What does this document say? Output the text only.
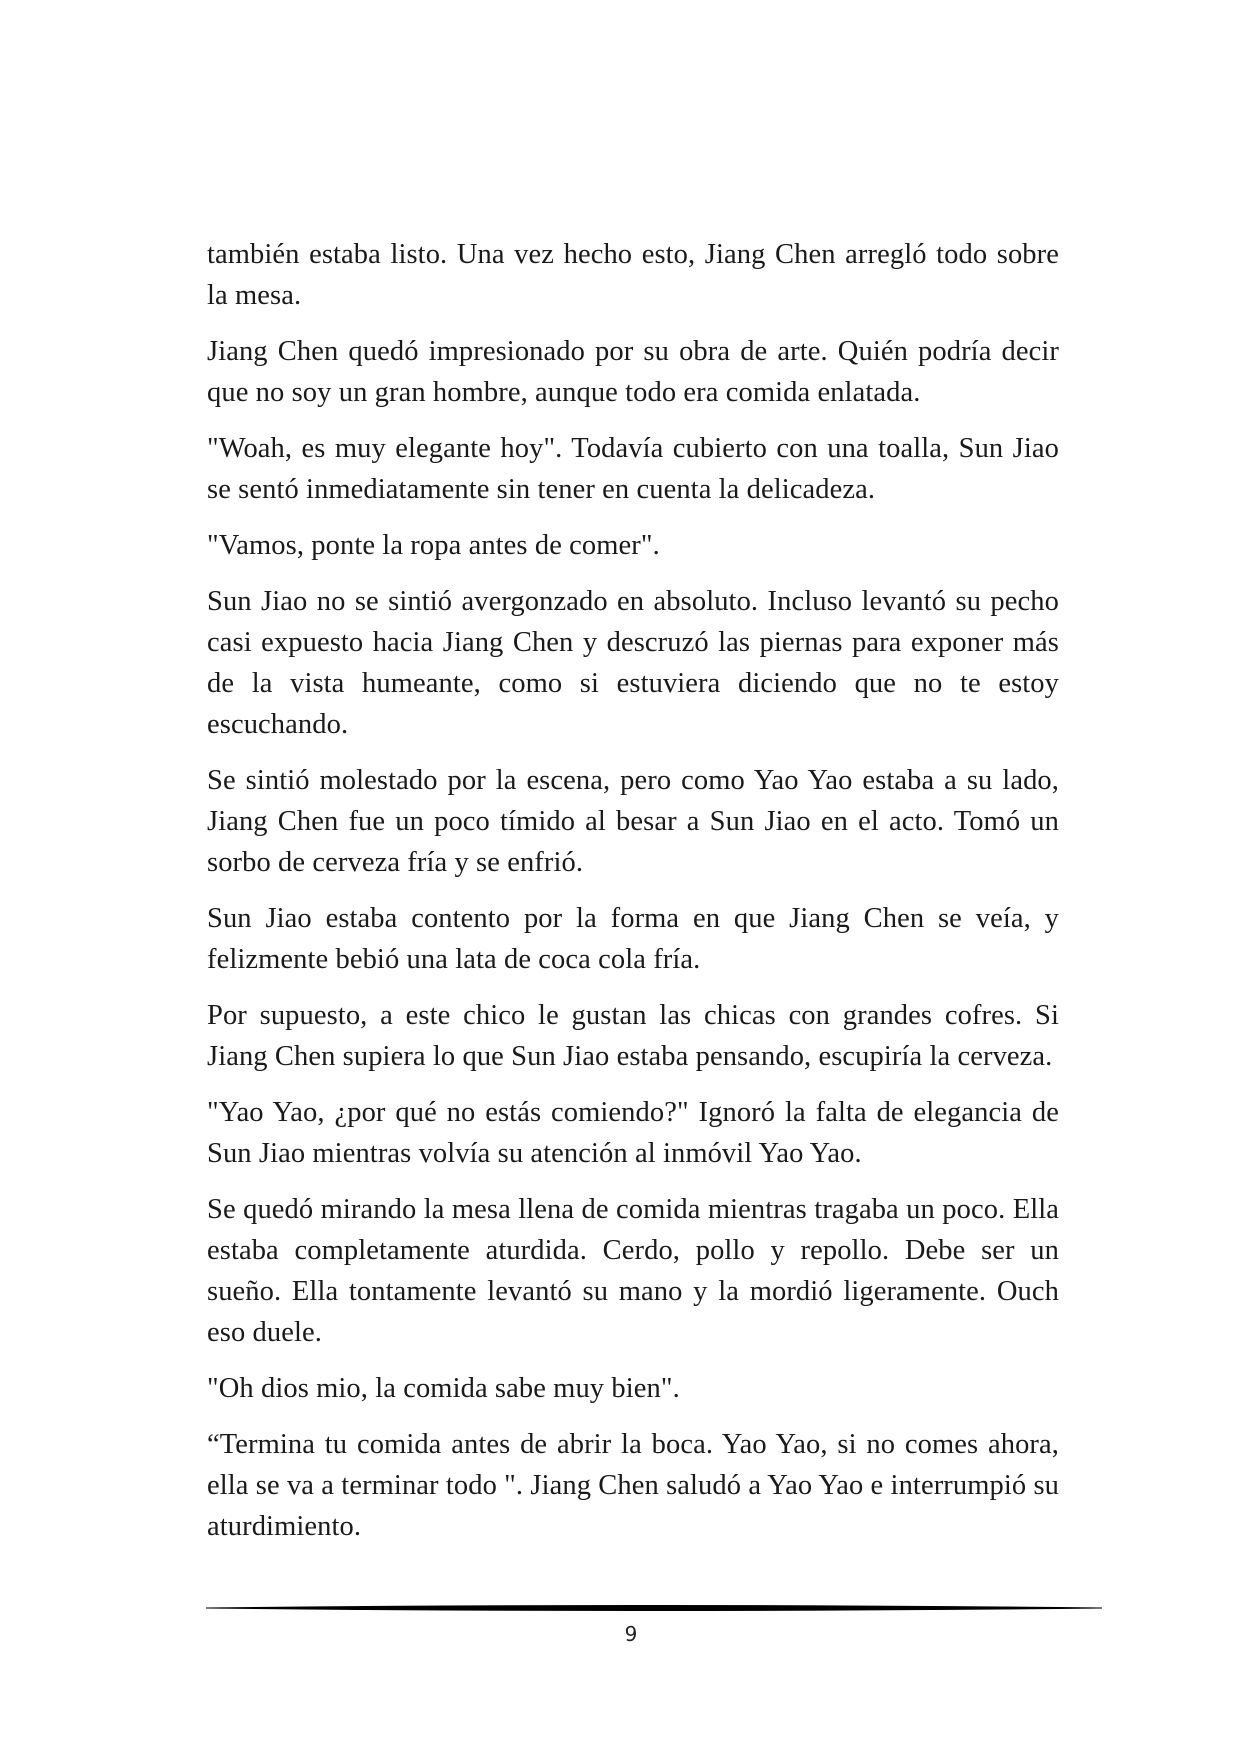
también estaba listo. Una vez hecho esto, Jiang Chen arregló todo sobre la mesa.

Jiang Chen quedó impresionado por su obra de arte. Quién podría decir que no soy un gran hombre, aunque todo era comida enlatada.

"Woah, es muy elegante hoy". Todavía cubierto con una toalla, Sun Jiao se sentó inmediatamente sin tener en cuenta la delicadeza.

"Vamos, ponte la ropa antes de comer".

Sun Jiao no se sintió avergonzado en absoluto. Incluso levantó su pecho casi expuesto hacia Jiang Chen y descruzó las piernas para exponer más de la vista humeante, como si estuviera diciendo que no te estoy escuchando.

Se sintió molestado por la escena, pero como Yao Yao estaba a su lado, Jiang Chen fue un poco tímido al besar a Sun Jiao en el acto. Tomó un sorbo de cerveza fría y se enfrió.

Sun Jiao estaba contento por la forma en que Jiang Chen se veía, y felizmente bebió una lata de coca cola fría.

Por supuesto, a este chico le gustan las chicas con grandes cofres. Si Jiang Chen supiera lo que Sun Jiao estaba pensando, escupiría la cerveza.

"Yao Yao, ¿por qué no estás comiendo?" Ignoró la falta de elegancia de Sun Jiao mientras volvía su atención al inmóvil Yao Yao.

Se quedó mirando la mesa llena de comida mientras tragaba un poco. Ella estaba completamente aturdida. Cerdo, pollo y repollo. Debe ser un sueño. Ella tontamente levantó su mano y la mordió ligeramente. Ouch eso duele.

"Oh dios mio, la comida sabe muy bien".

“Termina tu comida antes de abrir la boca. Yao Yao, si no comes ahora, ella se va a terminar todo ". Jiang Chen saludó a Yao Yao e interrumpió su aturdimiento.

9
